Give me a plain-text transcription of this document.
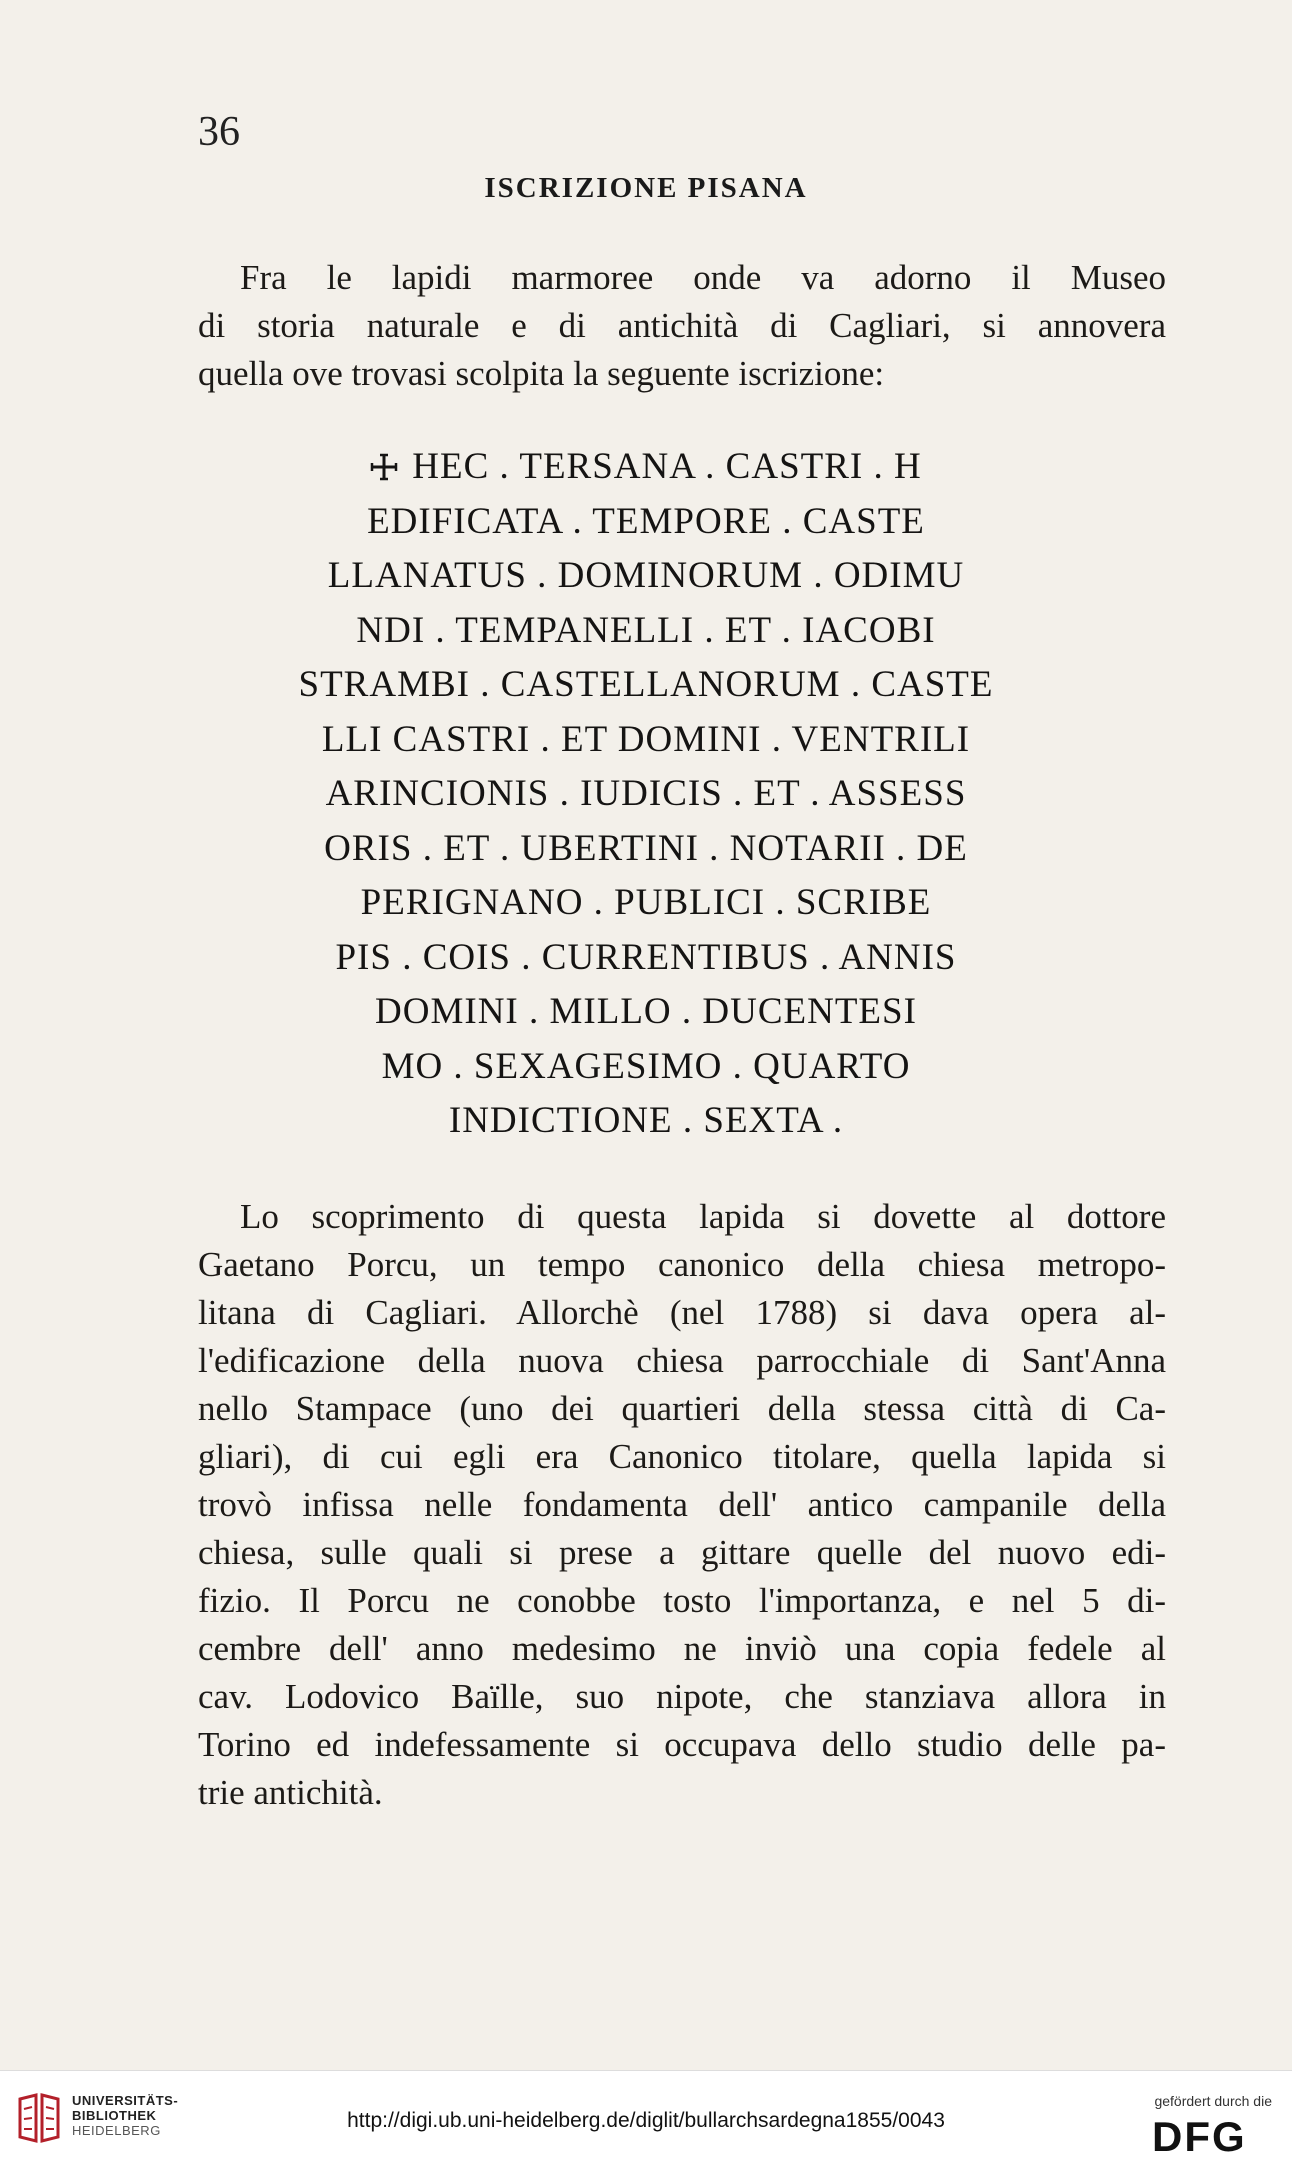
36
ISCRIZIONE PISANA
Fra le lapidi marmoree onde va adorno il Museo
di storia naturale e di antichità di Cagliari, si annovera
quella ove trovasi scolpita la seguente iscrizione:
HEC . TERSANA . CASTRI . H
EDIFICATA . TEMPORE . CASTE
LLANATUS . DOMINORUM . ODIMU
NDI . TEMPANELLI . ET . IACOBI
STRAMBI . CASTELLANORUM . CASTE
LLI CASTRI . ET DOMINI . VENTRILI
ARINCIONIS . IUDICIS . ET . ASSESS
ORIS . ET . UBERTINI . NOTARII . DE
PERIGNANO . PUBLICI . SCRIBE
PIS . COIS . CURRENTIBUS . ANNIS
DOMINI . MILLO . DUCENTESI
MO . SEXAGESIMO . QUARTO
INDICTIONE . SEXTA .
Lo scoprimento di questa lapida si dovette al dottore
Gaetano Porcu, un tempo canonico della chiesa metropo-
litana di Cagliari. Allorchè (nel 1788) si dava opera al-
l'edificazione della nuova chiesa parrocchiale di Sant'Anna
nello Stampace (uno dei quartieri della stessa città di Ca-
gliari), di cui egli era Canonico titolare, quella lapida si
trovò infissa nelle fondamenta dell' antico campanile della
chiesa, sulle quali si prese a gittare quelle del nuovo edi-
fizio. Il Porcu ne conobbe tosto l'importanza, e nel 5 di-
cembre dell' anno medesimo ne inviò una copia fedele al
cav. Lodovico Baïlle, suo nipote, che stanziava allora in
Torino ed indefessamente si occupava dello studio delle pa-
trie antichità.
UNIVERSITÄTS-
BIBLIOTHEK
HEIDELBERG	http://digi.ub.uni-heidelberg.de/diglit/bullarchsardegna1855/0043
gefördert durch die
DFG
